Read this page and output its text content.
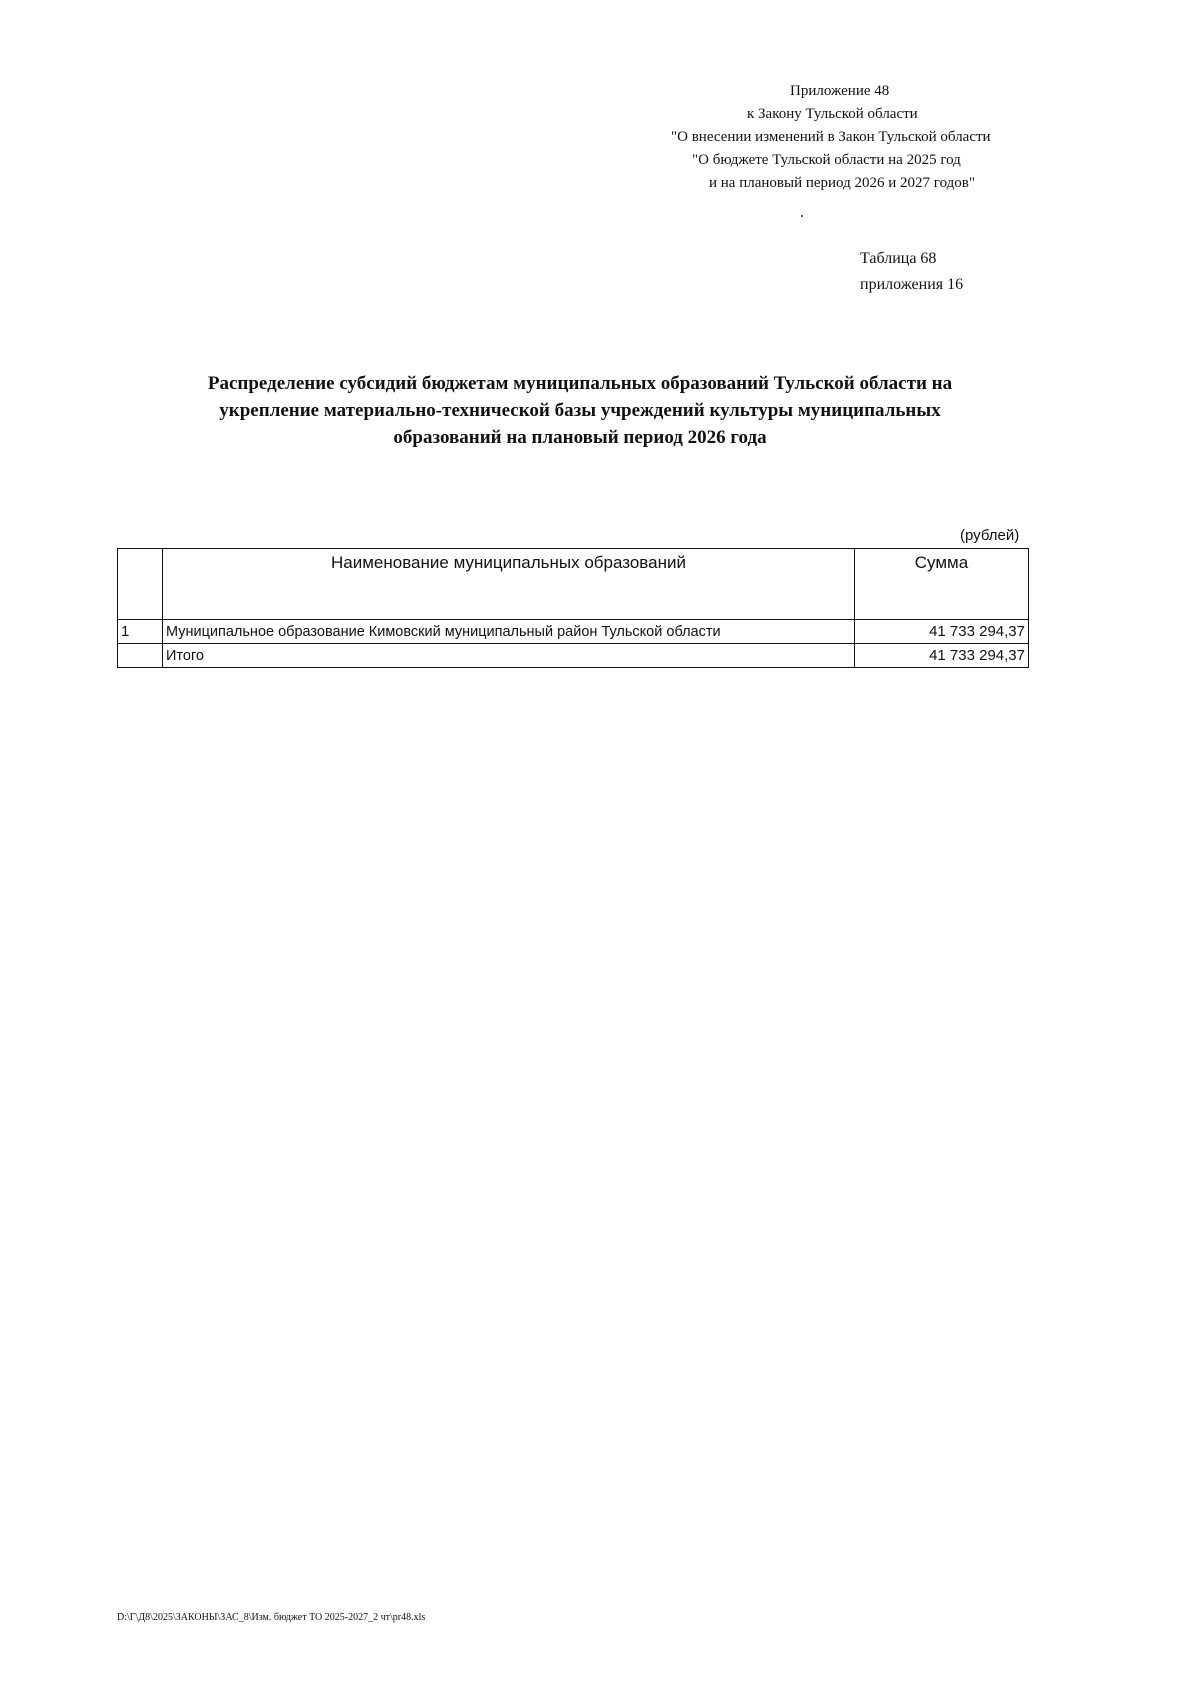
Приложение 48
к Закону Тульской области
"О внесении изменений в Закон Тульской области
"О бюджете Тульской области на 2025 год
и на плановый период 2026 и 2027 годов"
Таблица 68
приложения 16
Распределение субсидий бюджетам муниципальных образований Тульской области на
укрепление материально-технической базы учреждений культуры муниципальных
образований на плановый период 2026 года
(рублей)
	Наименование муниципальных образований	Сумма
1	Муниципальное образование Кимовский муниципальный район Тульской области	41 733 294,37
	Итого	41 733 294,37
D:\Г\Д8\2025\ЗАКОНЫ\ЗАС_8\Изм. бюджет ТО 2025-2027_2 чт\pr48.xls
